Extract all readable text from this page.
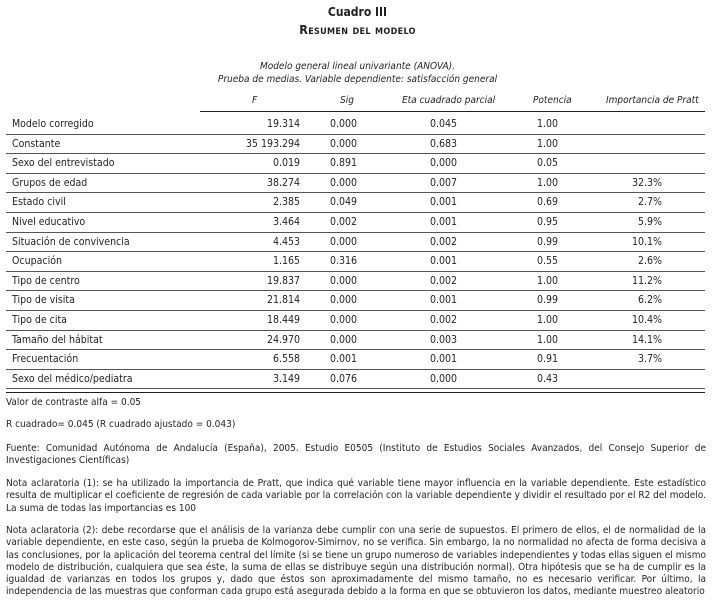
Cuadro III
Resumen del modelo
Modelo general lineal univariante (ANOVA).
Prueba de medias. Variable dependiente: satisfacción general
F	Sig	Eta cuadrado parcial	Potencia	Importancia de Pratt
Modelo corregido	19.314	0.000	0.045	1.00
Constante	35 193.294	0.000	0.683	1.00
Sexo del entrevistado	0.019	0.891	0.000	0.05
Grupos de edad	38.274	0.000	0.007	1.00	32.3%
Estado civil	2.385	0.049	0.001	0.69	2.7%
Nivel educativo	3.464	0.002	0.001	0.95	5.9%
Situación de convivencia	4.453	0.000	0.002	0.99	10.1%
Ocupación	1.165	0.316	0.001	0.55	2.6%
Tipo de centro	19.837	0.000	0.002	1.00	11.2%
Tipo de visita	21.814	0.000	0.001	0.99	6.2%
Tipo de cita	18.449	0.000	0.002	1.00	10.4%
Tamaño del hábitat	24.970	0.000	0.003	1.00	14.1%
Frecuentación	6.558	0.001	0.001	0.91	3.7%
Sexo del médico/pediatra	3.149	0.076	0.000	0.43
Valor de contraste alfa = 0.05
R cuadrado= 0.045 (R cuadrado ajustado = 0.043)
Fuente: Comunidad Autónoma de Andalucía (España), 2005. Estudio E0505 (Instituto de Estudios Sociales Avanzados, del Consejo Superior de Investigaciones Científicas)
Nota aclaratoria (1): se ha utilizado la importancia de Pratt, que indica qué variable tiene mayor influencia en la variable dependiente. Este estadístico resulta de multiplicar el coeficiente de regresión de cada variable por la correlación con la variable dependiente y dividir el resultado por el R2 del modelo. La suma de todas las importancias es 100
Nota aclaratoria (2): debe recordarse que el análisis de la varianza debe cumplir con una serie de supuestos. El primero de ellos, el de normalidad de la variable dependiente, en este caso, según la prueba de Kolmogorov-Simirnov, no se verifica. Sin embargo, la no normalidad no afecta de forma decisiva a las conclusiones, por la aplicación del teorema central del límite (si se tiene un grupo numeroso de variables independientes y todas ellas siguen el mismo modelo de distribución, cualquiera que sea éste, la suma de ellas se distribuye según una distribución normal). Otra hipótesis que se ha de cumplir es la igualdad de varianzas en todos los grupos y, dado que éstos son aproximadamente del mismo tamaño, no es necesario verificar. Por último, la independencia de las muestras que conforman cada grupo está asegurada debido a la forma en que se obtuvieron los datos, mediante muestreo aleatorio
